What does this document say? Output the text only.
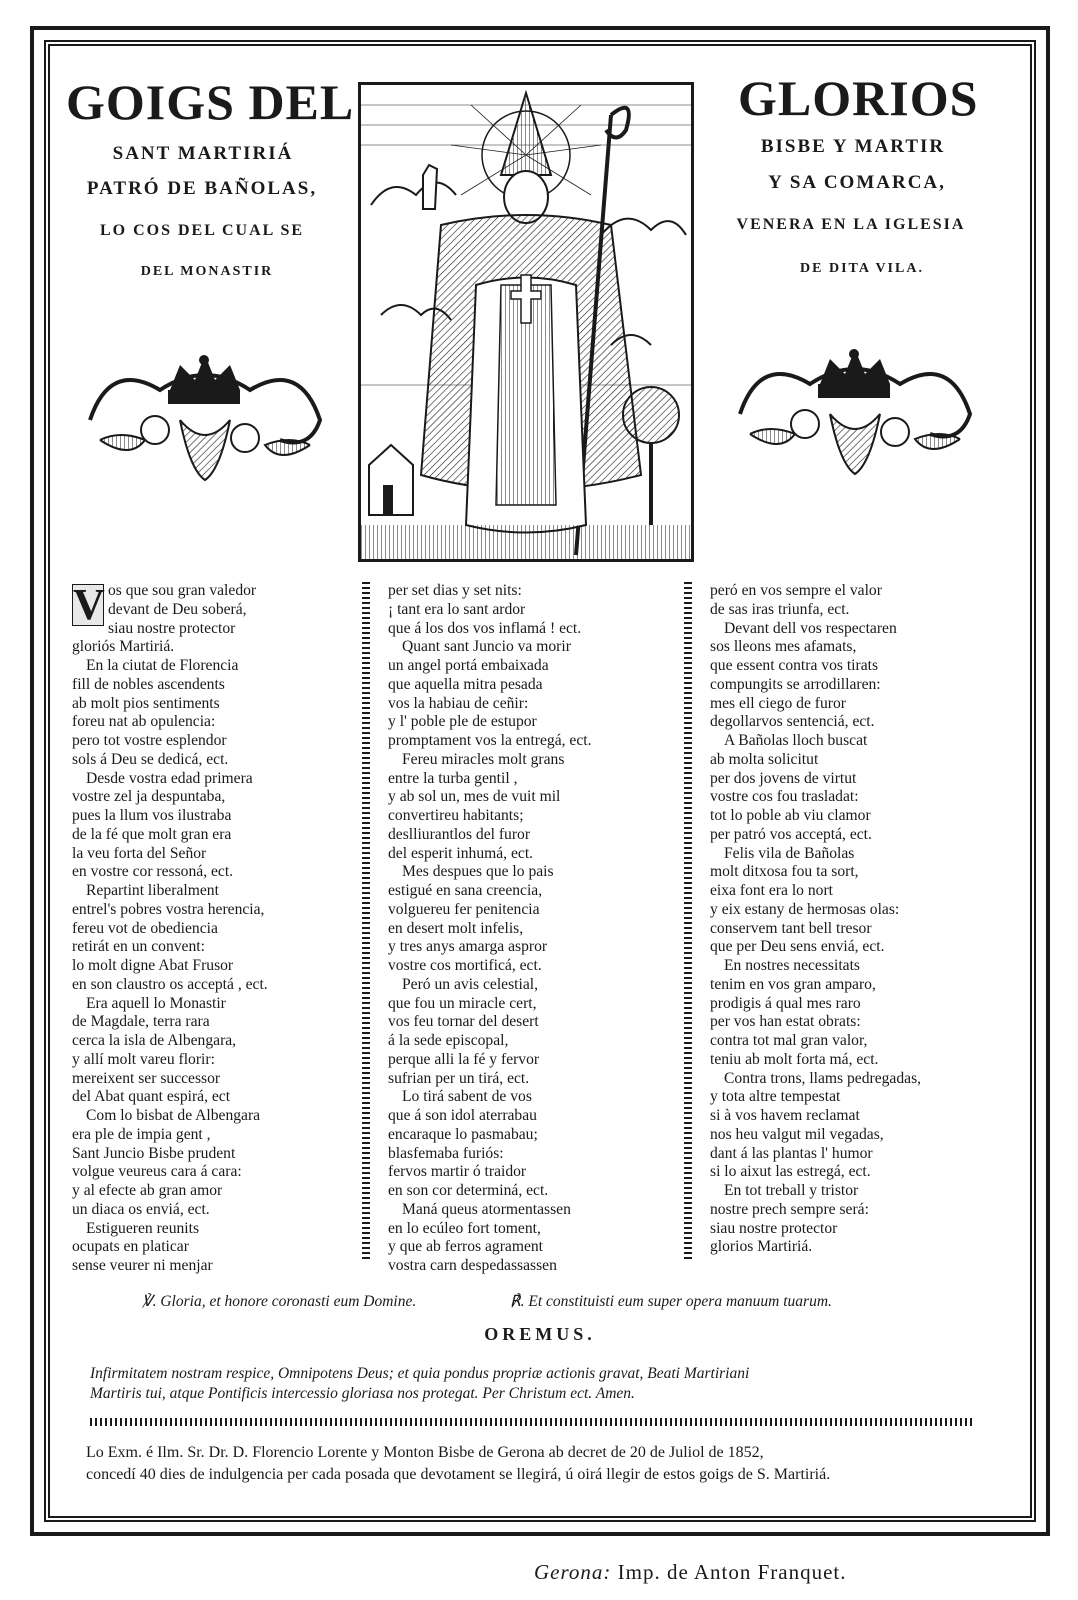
GOIGS DEL	GLORIOS
SANT MARTIRIÁ
PATRÓ DE BAÑOLAS,
LO COS DEL CUAL SE
DEL MONASTIR
BISBE Y MARTIR
Y SA COMARCA,
VENERA EN LA IGLESIA
DE DITA VILA.
V os que sou gran valedor
devant de Deu soberá,
siau nostre protector
gloriós Martiriá.
En la ciutat de Florencia
fill de nobles ascendents
ab molt pios sentiments
foreu nat ab opulencia:
pero tot vostre esplendor
sols á Deu se dedicá, ect.
Desde vostra edad primera
vostre zel ja despuntaba,
pues la llum vos ilustraba
de la fé que molt gran era
la veu forta del Señor
en vostre cor ressoná, ect.
Repartint liberalment
entrel's pobres vostra herencia,
fereu vot de obediencia
retirát en un convent:
lo molt digne Abat Frusor
en son claustro os acceptá , ect.
Era aquell lo Monastir
de Magdale, terra rara
cerca la isla de Albengara,
y allí molt vareu florir:
mereixent ser successor
del Abat quant espirá, ect
Com lo bisbat de Albengara
era ple de impia gent ,
Sant Juncio Bisbe prudent
volgue veureus cara á cara:
y al efecte ab gran amor
un diaca os enviá, ect.
Estigueren reunits
ocupats en platicar
sense veurer ni menjar
per set dias y set nits:
¡ tant era lo sant ardor
que á los dos vos inflamá ! ect.
Quant sant Juncio va morir
un angel portá embaixada
que aquella mitra pesada
vos la habiau de ceñir:
y l' poble ple de estupor
promptament vos la entregá, ect.
Fereu miracles molt grans
entre la turba gentil ,
y ab sol un, mes de vuit mil
convertireu habitants;
deslliurantlos del furor
del esperit inhumá, ect.
Mes despues que lo pais
estigué en sana creencia,
volguereu fer penitencia
en desert molt infelis,
y tres anys amarga aspror
vostre cos mortificá, ect.
Peró un avis celestial,
que fou un miracle cert,
vos feu tornar del desert
á la sede episcopal,
perque alli la fé y fervor
sufrian per un tirá, ect.
Lo tirá sabent de vos
que á son idol aterrabau
encaraque lo pasmabau;
blasfemaba furiós:
fervos martir ó traidor
en son cor determiná, ect.
Maná queus atormentassen
en lo ecúleo fort toment,
y que ab ferros agrament
vostra carn despedassassen
peró en vos sempre el valor
de sas iras triunfa, ect.
Devant dell vos respectaren
sos lleons mes afamats,
que essent contra vos tirats
compungits se arrodillaren:
mes ell ciego de furor
degollarvos sentenciá, ect.
A Bañolas lloch buscat
ab molta solicitut
per dos jovens de virtut
vostre cos fou trasladat:
tot lo poble ab viu clamor
per patró vos acceptá, ect.
Felis vila de Bañolas
molt ditxosa fou ta sort,
eixa font era lo nort
y eix estany de hermosas olas:
conservem tant bell tresor
que per Deu sens enviá, ect.
En nostres necessitats
tenim en vos gran amparo,
prodigis á qual mes raro
per vos han estat obrats:
contra tot mal gran valor,
teniu ab molt forta má, ect.
Contra trons, llams pedregadas,
y tota altre tempestat
si à vos havem reclamat
nos heu valgut mil vegadas,
dant á las plantas l' humor
si lo aixut las estregá, ect.
En tot treball y tristor
nostre prech sempre será:
siau nostre protector
glorios Martiriá.
℣. Gloria, et honore coronasti eum Domine.	℟. Et constituisti eum super opera manuum tuarum.
OREMUS.
Infirmitatem nostram respice, Omnipotens Deus; et quia pondus propriæ actionis gravat, Beati Martiriani
Martiris tui, atque Pontificis intercessio gloriasa nos protegat. Per Christum ect. Amen.
Lo Exm. é Ilm. Sr. Dr. D. Florencio Lorente y Monton Bisbe de Gerona ab decret de 20 de Juliol de 1852,
concedí 40 dies de indulgencia per cada posada que devotament se llegirá, ú oirá llegir de estos goigs de S. Martiriá.
Gerona: Imp. de Anton Franquet.
